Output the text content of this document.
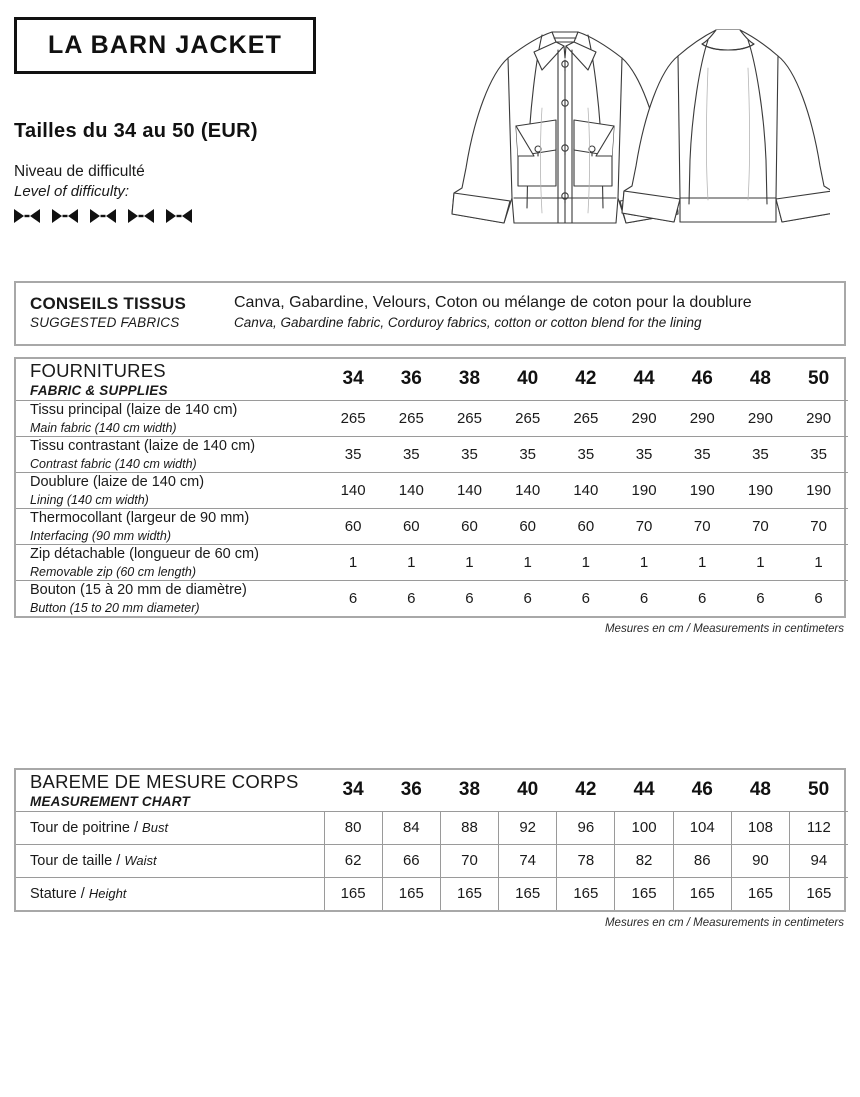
LA BARN JACKET
Tailles du 34 au 50 (EUR)
Niveau de difficulté
Level of difficulty:
CONSEILS TISSUS
SUGGESTED FABRICS
Canva, Gabardine, Velours, Coton ou mélange de coton pour la doublure
Canva, Gabardine fabric, Corduroy fabrics, cotton or cotton blend for the lining
FOURNITURES
FABRIC & SUPPLIES	34	36	38	40	42	44	46	48	50

Tissu principal (laize de 140 cm)
Main fabric (140 cm width)	265	265	265	265	265	290	290	290	290

Tissu contrastant (laize de 140 cm)
Contrast fabric (140 cm width)	35	35	35	35	35	35	35	35	35

Doublure (laize de 140 cm)
Lining (140 cm width)	140	140	140	140	140	190	190	190	190

Thermocollant (largeur de 90 mm)
Interfacing (90 mm width)	60	60	60	60	60	70	70	70	70

Zip détachable (longueur de 60 cm)
Removable zip (60 cm length)	1	1	1	1	1	1	1	1	1

Bouton (15 à 20 mm de diamètre)
Button (15 to 20 mm diameter)	6	6	6	6	6	6	6	6	6
Mesures en cm / Measurements in centimeters
BAREME DE MESURE CORPS
MEASUREMENT CHART	34	36	38	40	42	44	46	48	50
Tour de poitrine / Bust	80	84	88	92	96	100	104	108	112
Tour de taille / Waist	62	66	70	74	78	82	86	90	94
Stature / Height	165	165	165	165	165	165	165	165	165
Mesures en cm / Measurements in centimeters
